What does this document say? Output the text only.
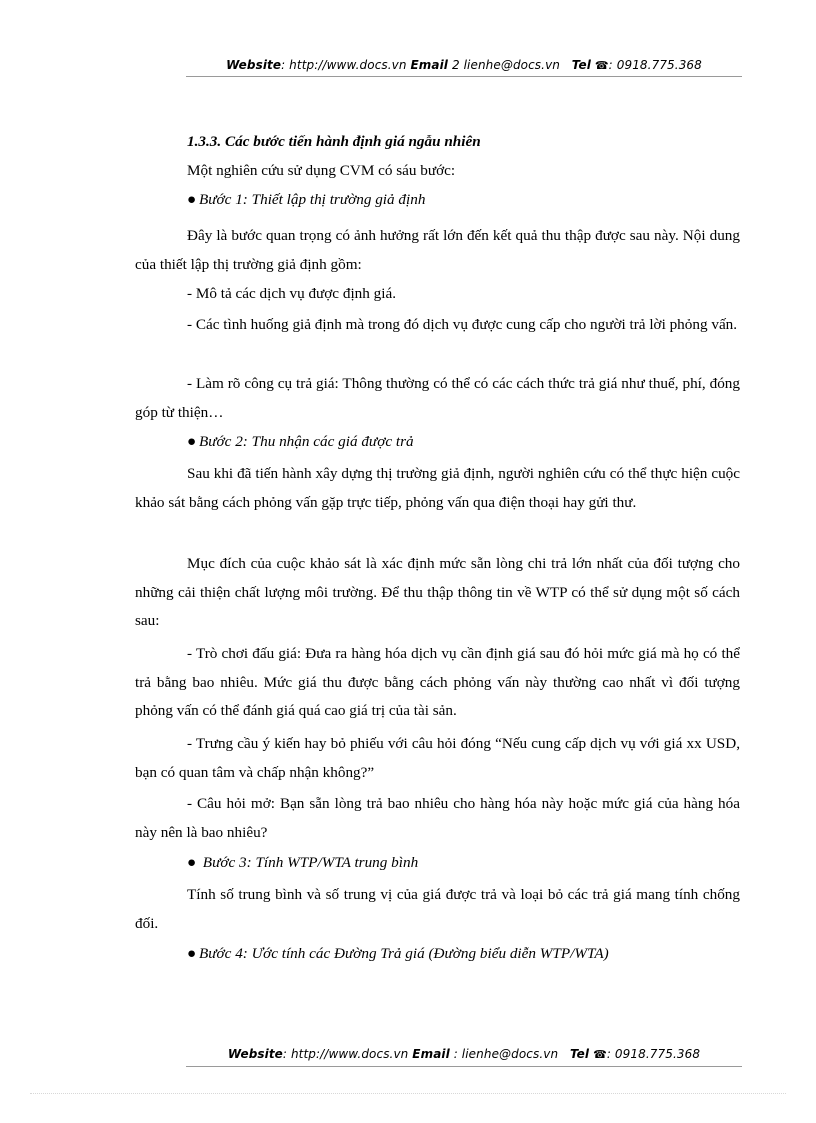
Website: http://www.docs.vn Email 2 lienhe@docs.vn Tel ☎: 0918.775.368
1.3.3. Các bước tiến hành định giá ngẫu nhiên
Một nghiên cứu sử dụng CVM có sáu bước:
● Bước 1: Thiết lập thị trường giả định
Đây là bước quan trọng có ảnh hưởng rất lớn đến kết quả thu thập được sau này. Nội dung của thiết lập thị trường giả định gồm:
- Mô tả các dịch vụ được định giá.
- Các tình huống giả định mà trong đó dịch vụ được cung cấp cho người trả lời phỏng vấn.
- Làm rõ công cụ trả giá: Thông thường có thể có các cách thức trả giá như thuế, phí, đóng góp từ thiện…
● Bước 2: Thu nhận các giá được trả
Sau khi đã tiến hành xây dựng thị trường giả định, người nghiên cứu có thể thực hiện cuộc khảo sát bằng cách phỏng vấn gặp trực tiếp, phỏng vấn qua điện thoại hay gửi thư.
Mục đích của cuộc khảo sát là xác định mức sẵn lòng chi trả lớn nhất của đối tượng cho những cải thiện chất lượng môi trường. Để thu thập thông tin về WTP có thể sử dụng một số cách sau:
- Trò chơi đấu giá: Đưa ra hàng hóa dịch vụ cần định giá sau đó hỏi mức giá mà họ có thể trả bằng bao nhiêu. Mức giá thu được bằng cách phỏng vấn này thường cao nhất vì đối tượng phỏng vấn có thể đánh giá quá cao giá trị của tài sản.
- Trưng cầu ý kiến hay bỏ phiếu với câu hỏi đóng “Nếu cung cấp dịch vụ với giá xx USD, bạn có quan tâm và chấp nhận không?”
- Câu hỏi mở: Bạn sẵn lòng trả bao nhiêu cho hàng hóa này hoặc mức giá của hàng hóa này nên là bao nhiêu?
● Bước 3: Tính WTP/WTA trung bình
Tính số trung bình và số trung vị của giá được trả và loại bỏ các trả giá mang tính chống đối.
● Bước 4: Ước tính các Đường Trả giá (Đường biểu diễn WTP/WTA)
Website: http://www.docs.vn Email : lienhe@docs.vn Tel ☎: 0918.775.368
